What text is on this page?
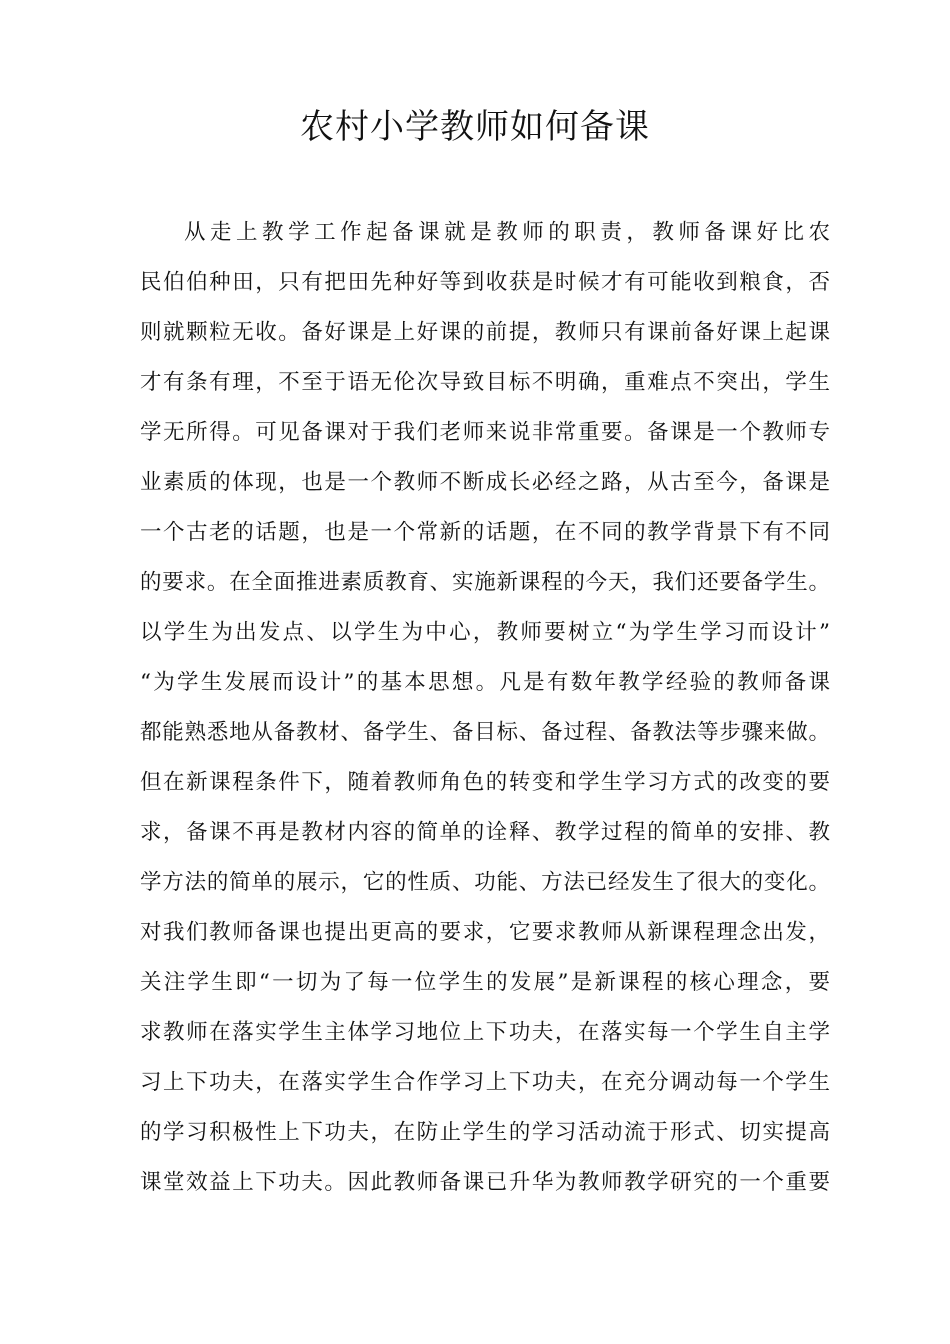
农村小学教师如何备课
从走上教学工作起备课就是教师的职责，教师备课好比农
民伯伯种田，只有把田先种好等到收获是时候才有可能收到粮食，否
则就颗粒无收。备好课是上好课的前提，教师只有课前备好课上起课
才有条有理，不至于语无伦次导致目标不明确，重难点不突出，学生
学无所得。可见备课对于我们老师来说非常重要。备课是一个教师专
业素质的体现，也是一个教师不断成长必经之路，从古至今，备课是
一个古老的话题，也是一个常新的话题，在不同的教学背景下有不同
的要求。在全面推进素质教育、实施新课程的今天，我们还要备学生。
以学生为出发点、以学生为中心，教师要树立“为学生学习而设计”
“为学生发展而设计”的基本思想。凡是有数年教学经验的教师备课
都能熟悉地从备教材、备学生、备目标、备过程、备教法等步骤来做。
但在新课程条件下，随着教师角色的转变和学生学习方式的改变的要
求，备课不再是教材内容的简单的诠释、教学过程的简单的安排、教
学方法的简单的展示，它的性质、功能、方法已经发生了很大的变化。
对我们教师备课也提出更高的要求，它要求教师从新课程理念出发，
关注学生即“一切为了每一位学生的发展”是新课程的核心理念，要
求教师在落实学生主体学习地位上下功夫，在落实每一个学生自主学
习上下功夫，在落实学生合作学习上下功夫，在充分调动每一个学生
的学习积极性上下功夫，在防止学生的学习活动流于形式、切实提高
课堂效益上下功夫。因此教师备课已升华为教师教学研究的一个重要
